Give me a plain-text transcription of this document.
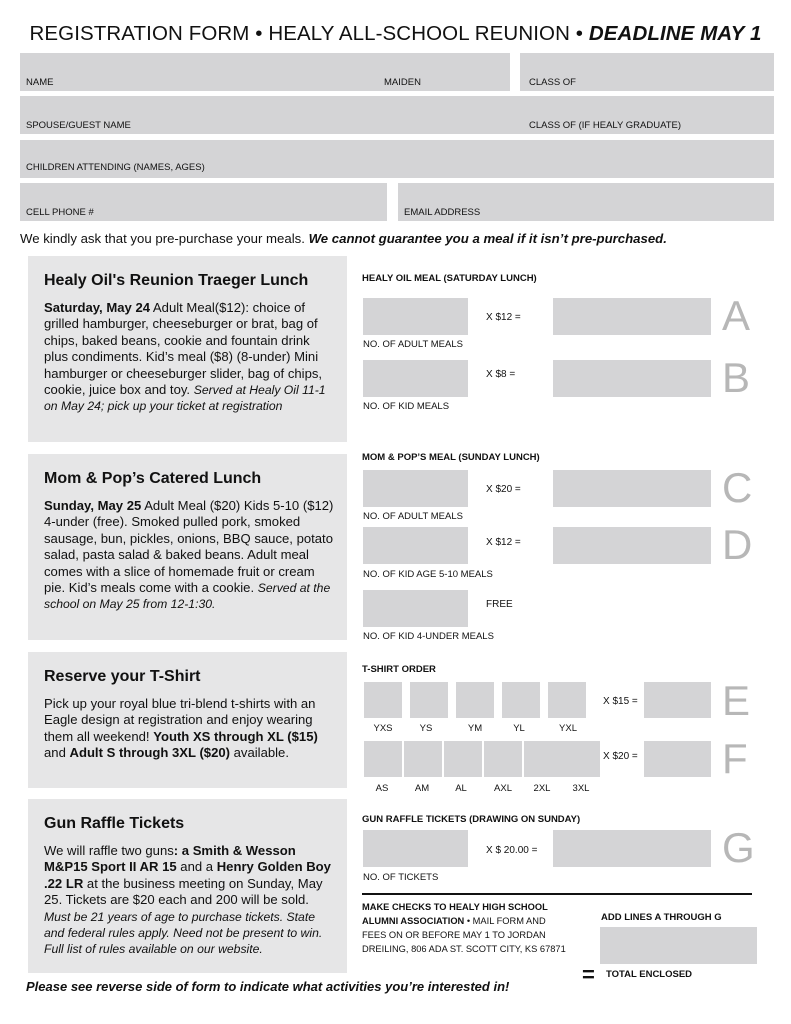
REGISTRATION FORM • HEALY ALL-SCHOOL REUNION • DEADLINE MAY 1
NAME	MAIDEN	CLASS OF
SPOUSE/GUEST NAME	CLASS OF (IF HEALY GRADUATE)
CHILDREN ATTENDING (NAMES, AGES)
CELL PHONE #	EMAIL ADDRESS
We kindly ask that you pre-purchase your meals. We cannot guarantee you a meal if it isn’t pre-purchased.
Healy Oil's Reunion Traeger Lunch
Saturday, May 24 Adult Meal($12): choice of grilled hamburger, cheeseburger or brat, bag of chips, baked beans, cookie and fountain drink plus condiments. Kid’s meal ($8) (8-under) Mini hamburger or cheeseburger slider, bag of chips, cookie, juice box and toy. Served at Healy Oil 11-1 on May 24; pick up your ticket at registration
Mom & Pop’s Catered Lunch
Sunday, May 25 Adult Meal ($20) Kids 5-10 ($12) 4-under (free). Smoked pulled pork, smoked sausage, bun, pickles, onions, BBQ sauce, potato salad, pasta salad & baked beans. Adult meal comes with a slice of homemade fruit or cream pie. Kid’s meals come with a cookie. Served at the school on May 25 from 12-1:30.
Reserve your T-Shirt
Pick up your royal blue tri-blend t-shirts with an Eagle design at registration and enjoy wearing them all weekend! Youth XS through XL ($15) and Adult S through 3XL ($20) available.
Gun Raffle Tickets
We will raffle two guns: a Smith & Wesson M&P15 Sport II AR 15 and a Henry Golden Boy .22 LR at the business meeting on Sunday, May 25. Tickets are $20 each and 200 will be sold. Must be 21 years of age to purchase tickets. State and federal rules apply. Need not be present to win. Full list of rules available on our website.
HEALY OIL MEAL (SATURDAY LUNCH)
X $12 =	A
NO. OF ADULT MEALS
X $8 =	B
NO. OF KID MEALS
MOM & POP’S MEAL (SUNDAY LUNCH)
X $20 =	C
NO. OF ADULT MEALS
X $12 =	D
NO. OF KID AGE 5-10 MEALS
FREE
NO. OF KID 4-UNDER MEALS
T-SHIRT ORDER
YXS	YS	YM	YL	YXL
X $15 = E
AS	AM	AL	AXL	2XL	3XL
X $20 = F
GUN RAFFLE TICKETS (DRAWING ON SUNDAY)
X $ 20.00 =	G
NO. OF TICKETS
MAKE CHECKS TO HEALY HIGH SCHOOL ALUMNI ASSOCIATION • MAIL FORM AND FEES ON OR BEFORE MAY 1 TO JORDAN DREILING, 806 ADA ST. SCOTT CITY, KS 67871
ADD LINES A THROUGH G
= TOTAL ENCLOSED
Please see reverse side of form to indicate what activities you’re interested in!
